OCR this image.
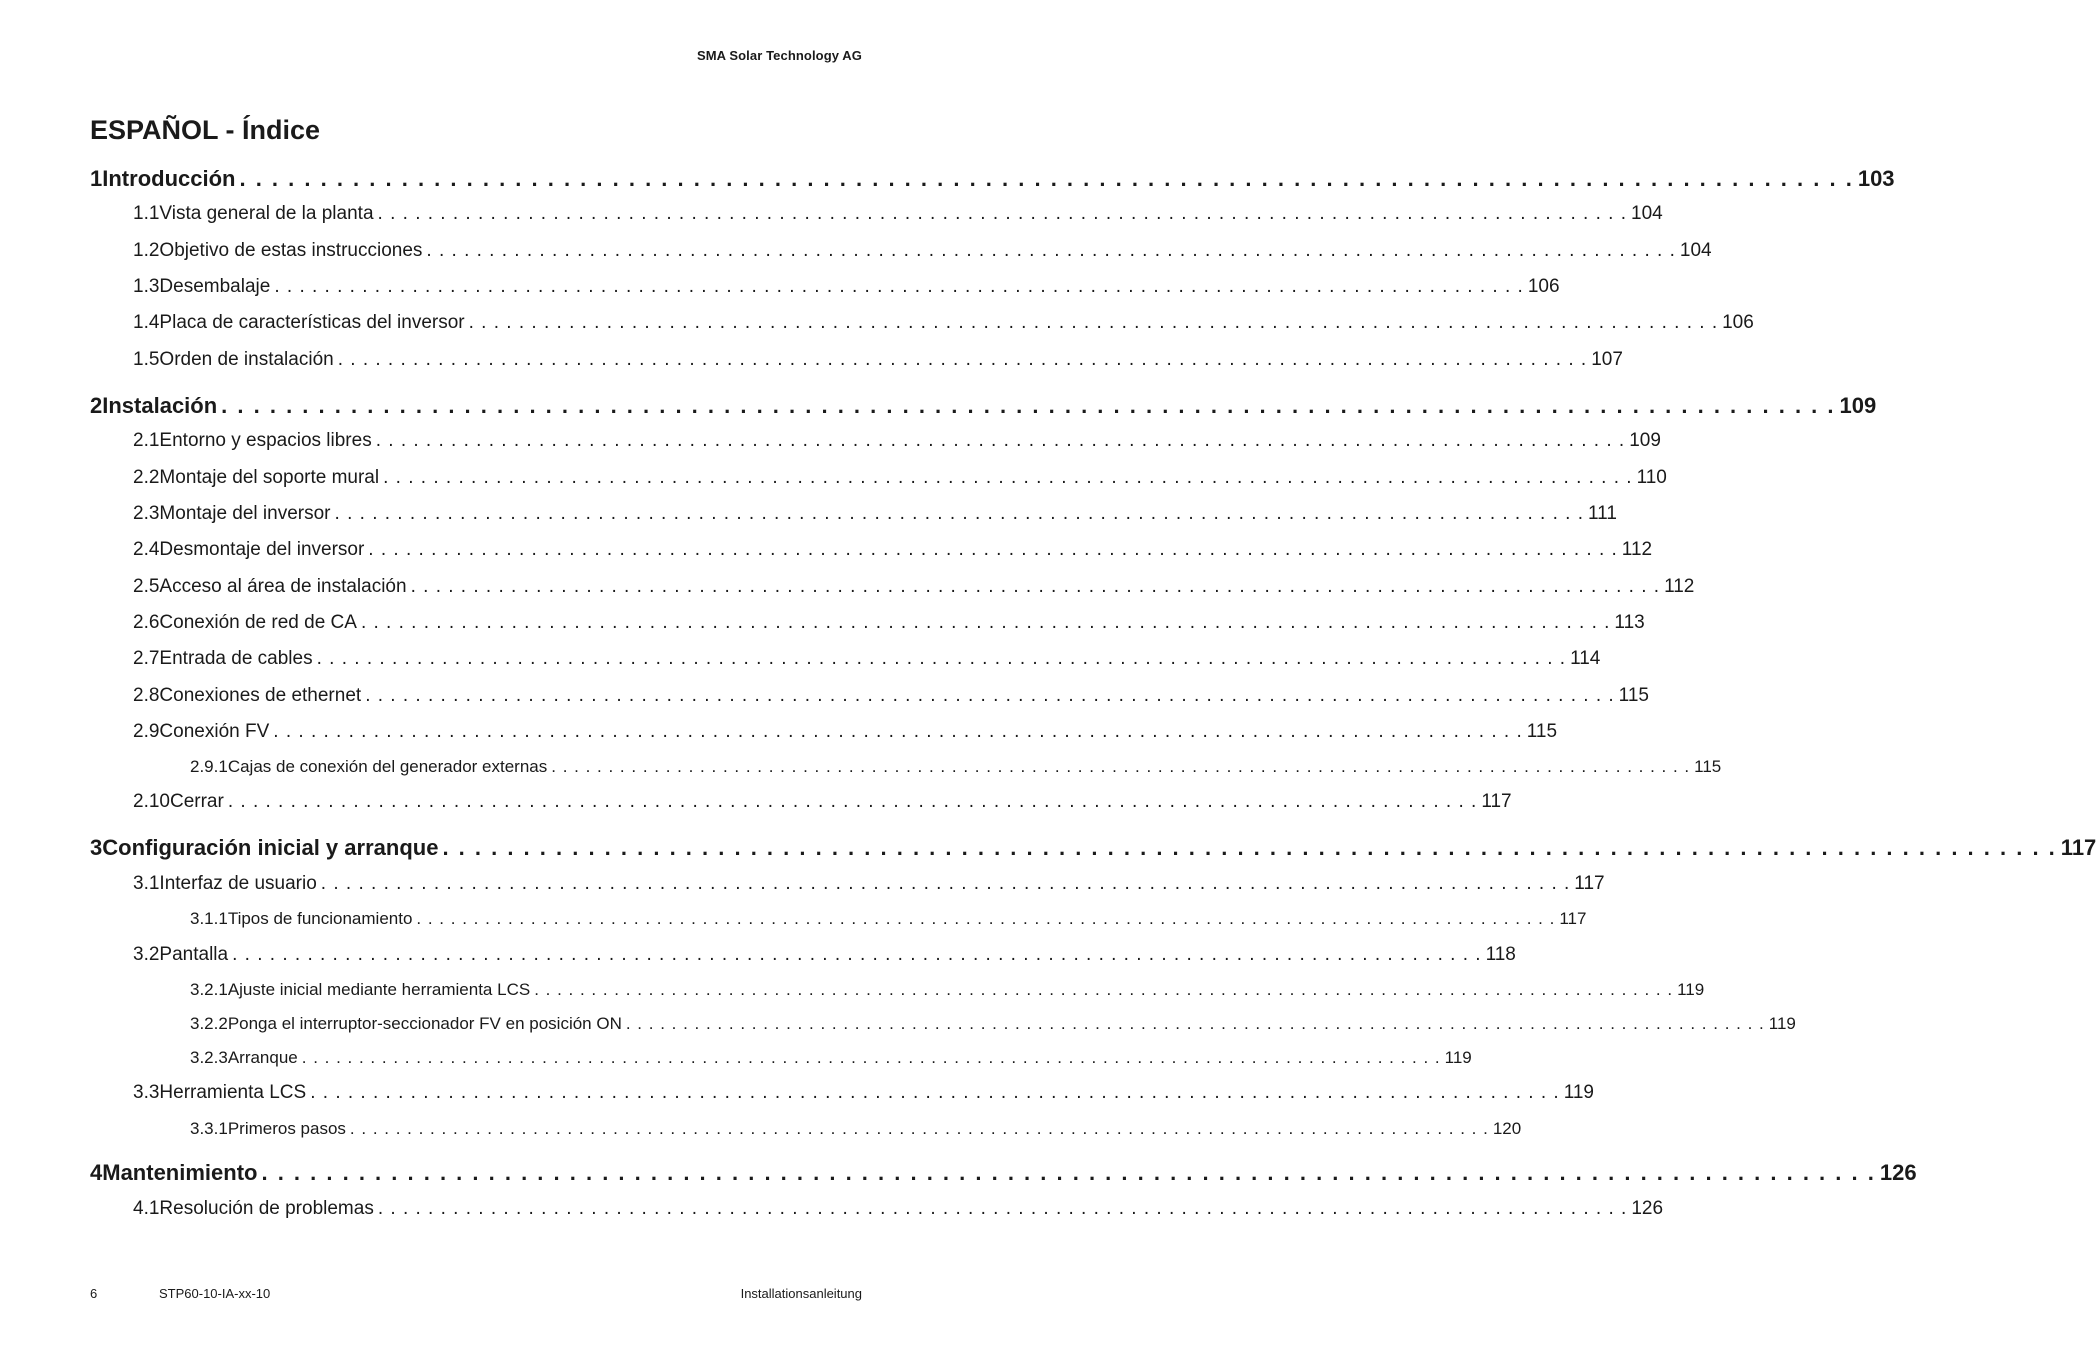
SMA Solar Technology AG
ESPAÑOL - Índice
1 Introducción . . . . . . . . . . . . . . . . . . . . . . . . . . . . . . . . . . . . . . . . . . . . . . . . . . . . . . . . . . . . . . . . . . . . . . . . . . . . . . . . . . . . . . . . . . . . . . . . . . . . 103
1.1 Vista general de la planta . . . . . . . . . . . . . . . . . . . . . . . . . . . . . . . . . . . . . . . . . . . . . . . . . . . . . . . . . . . . . . . . . . . . . . . . . . . . . . . . . . . . . . . . . . . . . . . . . . . . 104
1.2 Objetivo de estas instrucciones . . . . . . . . . . . . . . . . . . . . . . . . . . . . . . . . . . . . . . . . . . . . . . . . . . . . . . . . . . . . . . . . . . . . . . . . . . . . . . . . . . . . . . . . . . . . . . . . . . . . 104
1.3 Desembalaje . . . . . . . . . . . . . . . . . . . . . . . . . . . . . . . . . . . . . . . . . . . . . . . . . . . . . . . . . . . . . . . . . . . . . . . . . . . . . . . . . . . . . . . . . . . . . . . . . . . . 106
1.4 Placa de características del inversor . . . . . . . . . . . . . . . . . . . . . . . . . . . . . . . . . . . . . . . . . . . . . . . . . . . . . . . . . . . . . . . . . . . . . . . . . . . . . . . . . . . . . . . . . . . . . . . . . . . . 106
1.5 Orden de instalación . . . . . . . . . . . . . . . . . . . . . . . . . . . . . . . . . . . . . . . . . . . . . . . . . . . . . . . . . . . . . . . . . . . . . . . . . . . . . . . . . . . . . . . . . . . . . . . . . . . . 107
2 Instalación . . . . . . . . . . . . . . . . . . . . . . . . . . . . . . . . . . . . . . . . . . . . . . . . . . . . . . . . . . . . . . . . . . . . . . . . . . . . . . . . . . . . . . . . . . . . . . . . . . . . 109
2.1 Entorno y espacios libres . . . . . . . . . . . . . . . . . . . . . . . . . . . . . . . . . . . . . . . . . . . . . . . . . . . . . . . . . . . . . . . . . . . . . . . . . . . . . . . . . . . . . . . . . . . . . . . . . . . . 109
2.2 Montaje del soporte mural . . . . . . . . . . . . . . . . . . . . . . . . . . . . . . . . . . . . . . . . . . . . . . . . . . . . . . . . . . . . . . . . . . . . . . . . . . . . . . . . . . . . . . . . . . . . . . . . . . . . 110
2.3 Montaje del inversor . . . . . . . . . . . . . . . . . . . . . . . . . . . . . . . . . . . . . . . . . . . . . . . . . . . . . . . . . . . . . . . . . . . . . . . . . . . . . . . . . . . . . . . . . . . . . . . . . . . . 111
2.4 Desmontaje del inversor . . . . . . . . . . . . . . . . . . . . . . . . . . . . . . . . . . . . . . . . . . . . . . . . . . . . . . . . . . . . . . . . . . . . . . . . . . . . . . . . . . . . . . . . . . . . . . . . . . . . 112
2.5 Acceso al área de instalación . . . . . . . . . . . . . . . . . . . . . . . . . . . . . . . . . . . . . . . . . . . . . . . . . . . . . . . . . . . . . . . . . . . . . . . . . . . . . . . . . . . . . . . . . . . . . . . . . . . . 112
2.6 Conexión de red de CA . . . . . . . . . . . . . . . . . . . . . . . . . . . . . . . . . . . . . . . . . . . . . . . . . . . . . . . . . . . . . . . . . . . . . . . . . . . . . . . . . . . . . . . . . . . . . . . . . . . . 113
2.7 Entrada de cables . . . . . . . . . . . . . . . . . . . . . . . . . . . . . . . . . . . . . . . . . . . . . . . . . . . . . . . . . . . . . . . . . . . . . . . . . . . . . . . . . . . . . . . . . . . . . . . . . . . . 114
2.8 Conexiones de ethernet . . . . . . . . . . . . . . . . . . . . . . . . . . . . . . . . . . . . . . . . . . . . . . . . . . . . . . . . . . . . . . . . . . . . . . . . . . . . . . . . . . . . . . . . . . . . . . . . . . . . 115
2.9 Conexión FV . . . . . . . . . . . . . . . . . . . . . . . . . . . . . . . . . . . . . . . . . . . . . . . . . . . . . . . . . . . . . . . . . . . . . . . . . . . . . . . . . . . . . . . . . . . . . . . . . . . . 115
2.9.1 Cajas de conexión del generador externas . . . . . . . . . . . . . . . . . . . . . . . . . . . . . . . . . . . . . . . . . . . . . . . . . . . . . . . . . . . . . . . . . . . . . . . . . . . . . . . . . . . . . . . . . . . . . . . . . . . . 115
2.10 Cerrar . . . . . . . . . . . . . . . . . . . . . . . . . . . . . . . . . . . . . . . . . . . . . . . . . . . . . . . . . . . . . . . . . . . . . . . . . . . . . . . . . . . . . . . . . . . . . . . . . . . . 117
3 Configuración inicial y arranque . . . . . . . . . . . . . . . . . . . . . . . . . . . . . . . . . . . . . . . . . . . . . . . . . . . . . . . . . . . . . . . . . . . . . . . . . . . . . . . . . . . . . . . . . . . . . . . . . . . . 117
3.1 Interfaz de usuario . . . . . . . . . . . . . . . . . . . . . . . . . . . . . . . . . . . . . . . . . . . . . . . . . . . . . . . . . . . . . . . . . . . . . . . . . . . . . . . . . . . . . . . . . . . . . . . . . . . . 117
3.1.1 Tipos de funcionamiento . . . . . . . . . . . . . . . . . . . . . . . . . . . . . . . . . . . . . . . . . . . . . . . . . . . . . . . . . . . . . . . . . . . . . . . . . . . . . . . . . . . . . . . . . . . . . . . . . . . . 117
3.2 Pantalla . . . . . . . . . . . . . . . . . . . . . . . . . . . . . . . . . . . . . . . . . . . . . . . . . . . . . . . . . . . . . . . . . . . . . . . . . . . . . . . . . . . . . . . . . . . . . . . . . . . . 118
3.2.1 Ajuste inicial mediante herramienta LCS . . . . . . . . . . . . . . . . . . . . . . . . . . . . . . . . . . . . . . . . . . . . . . . . . . . . . . . . . . . . . . . . . . . . . . . . . . . . . . . . . . . . . . . . . . . . . . . . . . . . 119
3.2.2 Ponga el interruptor-seccionador FV en posición ON . . . . . . . . . . . . . . . . . . . . . . . . . . . . . . . . . . . . . . . . . . . . . . . . . . . . . . . . . . . . . . . . . . . . . . . . . . . . . . . . . . . . . . . . . . . . . . . . . . . . 119
3.2.3 Arranque . . . . . . . . . . . . . . . . . . . . . . . . . . . . . . . . . . . . . . . . . . . . . . . . . . . . . . . . . . . . . . . . . . . . . . . . . . . . . . . . . . . . . . . . . . . . . . . . . . . . 119
3.3 Herramienta LCS . . . . . . . . . . . . . . . . . . . . . . . . . . . . . . . . . . . . . . . . . . . . . . . . . . . . . . . . . . . . . . . . . . . . . . . . . . . . . . . . . . . . . . . . . . . . . . . . . . . . 119
3.3.1 Primeros pasos . . . . . . . . . . . . . . . . . . . . . . . . . . . . . . . . . . . . . . . . . . . . . . . . . . . . . . . . . . . . . . . . . . . . . . . . . . . . . . . . . . . . . . . . . . . . . . . . . . . . 120
4 Mantenimiento . . . . . . . . . . . . . . . . . . . . . . . . . . . . . . . . . . . . . . . . . . . . . . . . . . . . . . . . . . . . . . . . . . . . . . . . . . . . . . . . . . . . . . . . . . . . . . . . . . . . 126
4.1 Resolución de problemas . . . . . . . . . . . . . . . . . . . . . . . . . . . . . . . . . . . . . . . . . . . . . . . . . . . . . . . . . . . . . . . . . . . . . . . . . . . . . . . . . . . . . . . . . . . . . . . . . . . . 126
6	STP60-10-IA-xx-10	Installationsanleitung
